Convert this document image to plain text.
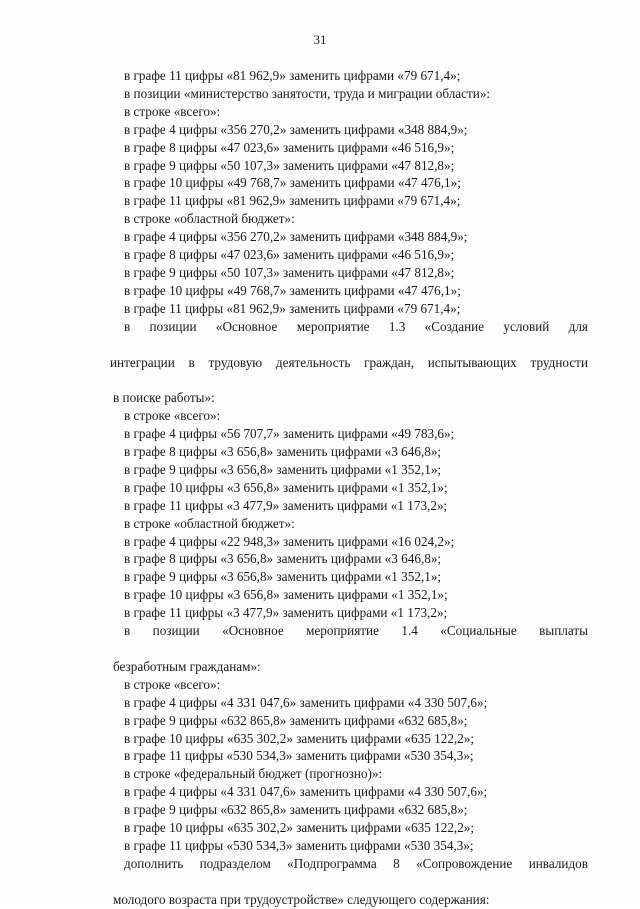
31
в графе 11 цифры «81 962,9» заменить цифрами «79 671,4»;
в позиции «министерство занятости, труда и миграции области»:
в строке «всего»:
в графе 4 цифры «356 270,2» заменить цифрами «348 884,9»;
в графе 8 цифры «47 023,6» заменить цифрами «46 516,9»;
в графе 9 цифры «50 107,3» заменить цифрами «47 812,8»;
в графе 10 цифры «49 768,7» заменить цифрами «47 476,1»;
в графе 11 цифры «81 962,9» заменить цифрами «79 671,4»;
в строке «областной бюджет»:
в графе 4 цифры «356 270,2» заменить цифрами «348 884,9»;
в графе 8 цифры «47 023,6» заменить цифрами «46 516,9»;
в графе 9 цифры «50 107,3» заменить цифрами «47 812,8»;
в графе 10 цифры «49 768,7» заменить цифрами «47 476,1»;
в графе 11 цифры «81 962,9» заменить цифрами «79 671,4»;
в позиции «Основное мероприятие 1.3 «Создание условий для
интеграции в трудовую деятельность граждан, испытывающих трудности
в поиске работы»:
в строке «всего»:
в графе 4 цифры «56 707,7» заменить цифрами «49 783,6»;
в графе 8 цифры «3 656,8» заменить цифрами «3 646,8»;
в графе 9 цифры «3 656,8» заменить цифрами «1 352,1»;
в графе 10 цифры «3 656,8» заменить цифрами «1 352,1»;
в графе 11 цифры «3 477,9» заменить цифрами «1 173,2»;
в строке «областной бюджет»:
в графе 4 цифры «22 948,3» заменить цифрами «16 024,2»;
в графе 8 цифры «3 656,8» заменить цифрами «3 646,8»;
в графе 9 цифры «3 656,8» заменить цифрами «1 352,1»;
в графе 10 цифры «3 656,8» заменить цифрами «1 352,1»;
в графе 11 цифры «3 477,9» заменить цифрами «1 173,2»;
в позиции «Основное мероприятие 1.4 «Социальные выплаты
безработным гражданам»:
в строке «всего»:
в графе 4 цифры «4 331 047,6» заменить цифрами «4 330 507,6»;
в графе 9 цифры «632 865,8» заменить цифрами «632 685,8»;
в графе 10 цифры «635 302,2» заменить цифрами «635 122,2»;
в графе 11 цифры «530 534,3» заменить цифрами «530 354,3»;
в строке «федеральный бюджет (прогнозно)»:
в графе 4 цифры «4 331 047,6» заменить цифрами «4 330 507,6»;
в графе 9 цифры «632 865,8» заменить цифрами «632 685,8»;
в графе 10 цифры «635 302,2» заменить цифрами «635 122,2»;
в графе 11 цифры «530 534,3» заменить цифрами «530 354,3»;
дополнить подразделом «Подпрограмма 8 «Сопровождение инвалидов
молодого возраста при трудоустройстве» следующего содержания:
